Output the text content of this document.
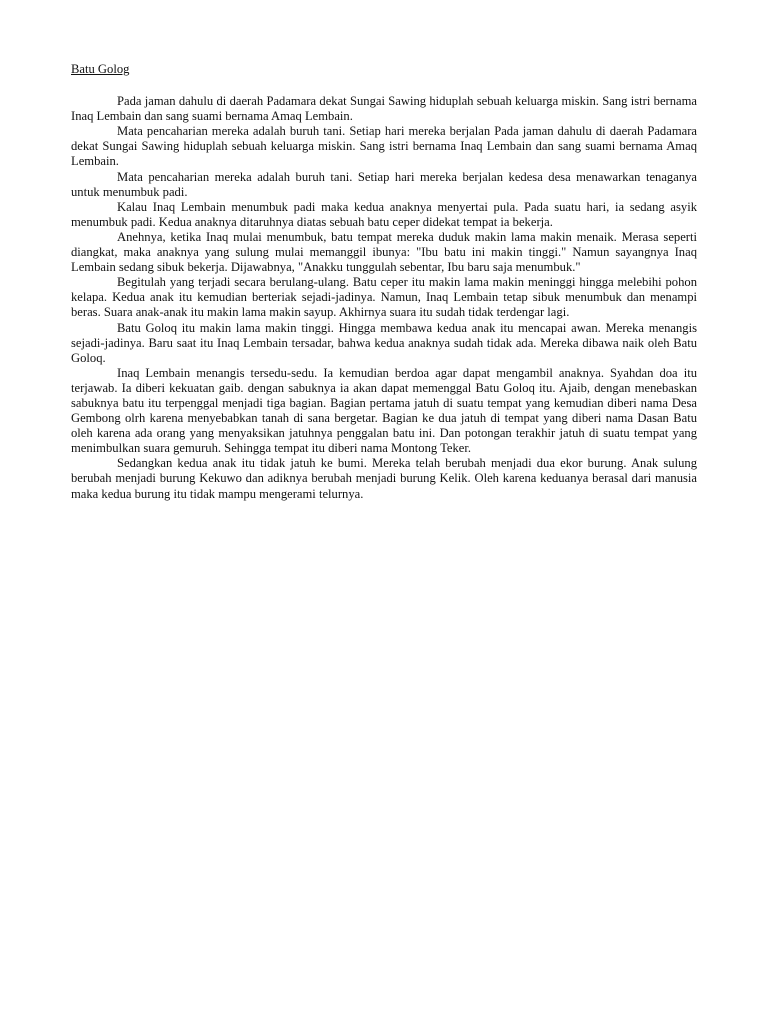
Batu Golog

Pada jaman dahulu di daerah Padamara dekat Sungai Sawing hiduplah sebuah keluarga miskin. Sang istri bernama Inaq Lembain dan sang suami bernama Amaq Lembain.

Mata pencaharian mereka adalah buruh tani. Setiap hari mereka berjalan Pada jaman dahulu di daerah Padamara dekat Sungai Sawing hiduplah sebuah keluarga miskin. Sang istri bernama Inaq Lembain dan sang suami bernama Amaq Lembain.

Mata pencaharian mereka adalah buruh tani. Setiap hari mereka berjalan kedesa desa menawarkan tenaganya untuk menumbuk padi.

Kalau Inaq Lembain menumbuk padi maka kedua anaknya menyertai pula. Pada suatu hari, ia sedang asyik menumbuk padi. Kedua anaknya ditaruhnya diatas sebuah batu ceper didekat tempat ia bekerja.

Anehnya, ketika Inaq mulai menumbuk, batu tempat mereka duduk makin lama makin menaik. Merasa seperti diangkat, maka anaknya yang sulung mulai memanggil ibunya: "Ibu batu ini makin tinggi." Namun sayangnya Inaq Lembain sedang sibuk bekerja. Dijawabnya, "Anakku tunggulah sebentar, Ibu baru saja menumbuk."

Begitulah yang terjadi secara berulang-ulang. Batu ceper itu makin lama makin meninggi hingga melebihi pohon kelapa. Kedua anak itu kemudian berteriak sejadi-jadinya. Namun, Inaq Lembain tetap sibuk menumbuk dan menampi beras. Suara anak-anak itu makin lama makin sayup. Akhirnya suara itu sudah tidak terdengar lagi.

Batu Goloq itu makin lama makin tinggi. Hingga membawa kedua anak itu mencapai awan. Mereka menangis sejadi-jadinya. Baru saat itu Inaq Lembain tersadar, bahwa kedua anaknya sudah tidak ada. Mereka dibawa naik oleh Batu Goloq.

Inaq Lembain menangis tersedu-sedu. Ia kemudian berdoa agar dapat mengambil anaknya. Syahdan doa itu terjawab. Ia diberi kekuatan gaib. dengan sabuknya ia akan dapat memenggal Batu Goloq itu. Ajaib, dengan menebaskan sabuknya batu itu terpenggal menjadi tiga bagian. Bagian pertama jatuh di suatu tempat yang kemudian diberi nama Desa Gembong olrh karena menyebabkan tanah di sana bergetar. Bagian ke dua jatuh di tempat yang diberi nama Dasan Batu oleh karena ada orang yang menyaksikan jatuhnya penggalan batu ini. Dan potongan terakhir jatuh di suatu tempat yang menimbulkan suara gemuruh. Sehingga tempat itu diberi nama Montong Teker.

Sedangkan kedua anak itu tidak jatuh ke bumi. Mereka telah berubah menjadi dua ekor burung. Anak sulung berubah menjadi burung Kekuwo dan adiknya berubah menjadi burung Kelik. Oleh karena keduanya berasal dari manusia maka kedua burung itu tidak mampu mengerami telurnya.
